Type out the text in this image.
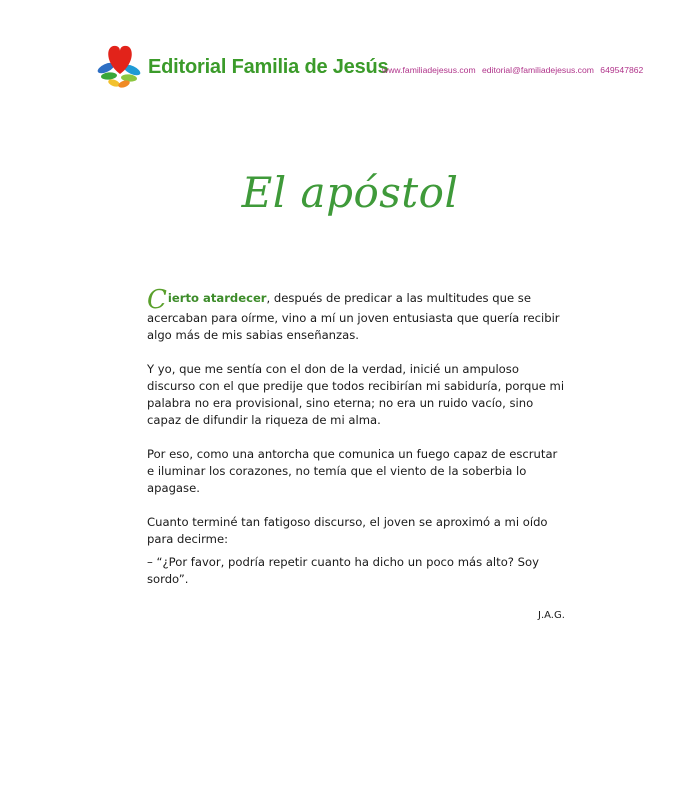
Editorial Familia de Jesús
www.familiadejesus.com editorial@familiadejesus.com 649547862
El apóstol

Cierto atardecer, después de predicar a las multitudes que se acercaban para oírme, vino a mí un joven entusiasta que quería recibir algo más de mis sabias enseñanzas.

Y yo, que me sentía con el don de la verdad, inicié un ampuloso discurso con el que predije que todos recibirían mi sabiduría, porque mi palabra no era provisional, sino eterna; no era un ruido vacío, sino capaz de difundir la riqueza de mi alma.

Por eso, como una antorcha que comunica un fuego capaz de escrutar e iluminar los corazones, no temía que el viento de la soberbia lo apagase.

Cuanto terminé tan fatigoso discurso, el joven se aproximó a mi oído para decirme:

– “¿Por favor, podría repetir cuanto ha dicho un poco más alto? Soy sordo”.

J.A.G.
